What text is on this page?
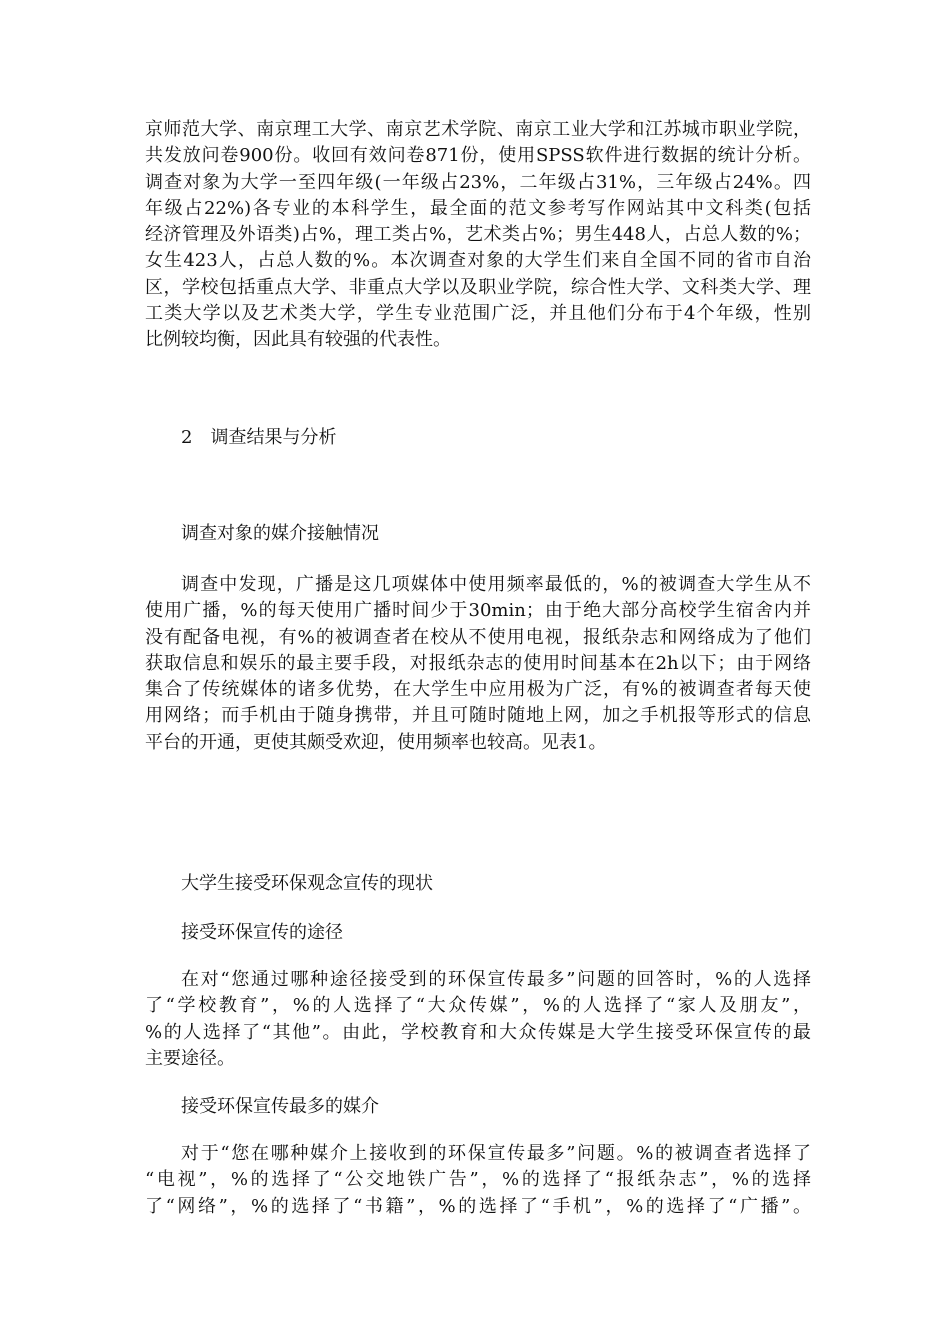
京师范大学、南京理工大学、南京艺术学院、南京工业大学和江苏城市职业学院，
共发放问卷900份。收回有效问卷871份，使用SPSS软件进行数据的统计分析。
调查对象为大学一至四年级(一年级占23%，二年级占31%，三年级占24%。四
年级占22%)各专业的本科学生，最全面的范文参考写作网站其中文科类(包括
经济管理及外语类)占%，理工类占%，艺术类占%；男生448人，占总人数的%；
女生423人，占总人数的%。本次调查对象的大学生们来自全国不同的省市自治
区，学校包括重点大学、非重点大学以及职业学院，综合性大学、文科类大学、理
工类大学以及艺术类大学，学生专业范围广泛，并且他们分布于4个年级，性别
比例较均衡，因此具有较强的代表性。
2　调查结果与分析
调查对象的媒介接触情况
调查中发现，广播是这几项媒体中使用频率最低的，%的被调查大学生从不
使用广播，%的每天使用广播时间少于30min；由于绝大部分高校学生宿舍内并
没有配备电视，有%的被调查者在校从不使用电视，报纸杂志和网络成为了他们
获取信息和娱乐的最主要手段，对报纸杂志的使用时间基本在2h以下；由于网络
集合了传统媒体的诸多优势，在大学生中应用极为广泛，有%的被调查者每天使
用网络；而手机由于随身携带，并且可随时随地上网，加之手机报等形式的信息
平台的开通，更使其颇受欢迎，使用频率也较高。见表1。
大学生接受环保观念宣传的现状
接受环保宣传的途径
在对“您通过哪种途径接受到的环保宣传最多”问题的回答时，%的人选择
了“学校教育”，%的人选择了“大众传媒”，%的人选择了“家人及朋友”，
%的人选择了“其他”。由此，学校教育和大众传媒是大学生接受环保宣传的最
主要途径。
接受环保宣传最多的媒介
对于“您在哪种媒介上接收到的环保宣传最多”问题。%的被调查者选择了
“电视”，%的选择了“公交地铁广告”，%的选择了“报纸杂志”，%的选择
了“网络”，%的选择了“书籍”，%的选择了“手机”，%的选择了“广播”。
